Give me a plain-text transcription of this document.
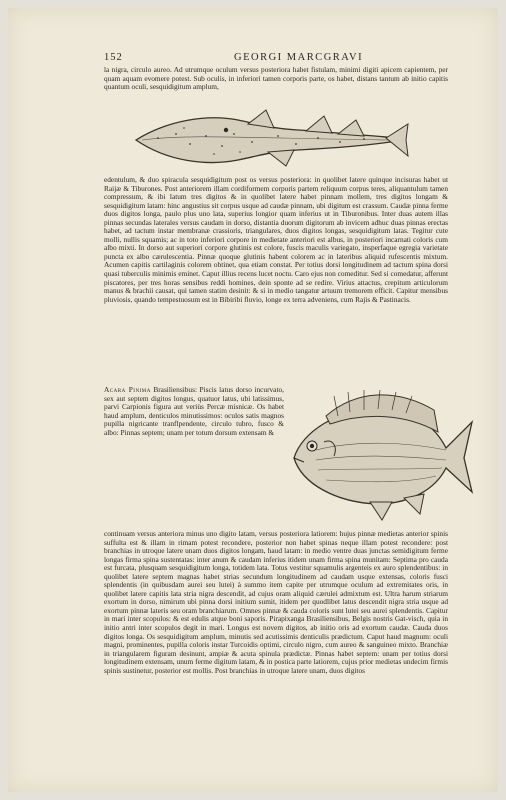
152	GEORGI MARCGRAVI

la nigra, circulo aureo. Ad utrumque oculum versus posteriora habet fistulam, minimi digiti apicem capientem, per quam aquam evomere potest. Sub oculis, in inferiori tamen corporis parte, os habet, distans tantum ab initio capitis quantum oculi, sesquidigitum amplum,

edentulum, & duo spiracula sesquidigitum post os versus posteriora: in quolibet latere quinque incisuras habet ut Raijæ & Tiburones. Post anteriorem illam cordiformem corporis partem reliquum corpus teres, aliquantulum tamen compressum, & ibi latum tres digitos & in quolibet latere habet pinnam mollem, tres digitos longam & sesquidigitum latam: hinc angustius sit corpus usque ad caudæ pinnam, ubi digitum est crassum. Caudæ pinna ferme duos digitos longa, paulo plus uno lata, superius longior quam inferius ut in Tiburonibus. Inter duas autem illas pinnas secundas laterales versus caudam in dorso, distantia duorum digitorum ab invicem adhuc duas pinnas erectas habet, ad tactum instar membranæ crassioris, triangulares, duos digitos longas, sesquidigitum latas. Tegitur cute molli, nullis squamis; ac in toto inferiori corpore in medietate anteriori est albus, in posteriori incarnati coloris cum albo mixti. In dorso aut superiori corpore glutinis est colore, fuscis maculis variegato, insperfaque egregia varietate puncta ex albo cærulescentia. Pinnæ quoque glutinis habent colorem ac in lateribus aliquid rufescentis mixtum. Acumen capitis cartilaginis colorem obtinet, qua etiam constat. Per totius dorsi longitudinem ad tactum spina dorsi quasi tuberculis minimis eminet. Caput illius recens lucet noctu. Caro ejus non comeditur. Sed si comedatur, afferunt piscatores, per tres horas sensibus reddi homines, dein sponte ad se redire. Virius attactus, crepitum articulorum manus & brachii causat, qui tamen statim desinit: & si in medio tangatur artuum tremorem efficit. Capitur mensibus pluviosis, quando tempestuosum est in Bibiribi fluvio, longe ex terra adveniens, cum Rajis & Pastinacis.

Acara Pinima Brasiliensibus: Piscis latus dorso incurvato, sex aut septem digitos longus, quatuor latus, ubi latissimus, parvi Carpionis figura aut veriùs Percæ misnicæ. Os habet haud amplum, denticulos minutissimos: oculos satis magnos pupilla nigricante tranflpendente, circulo tubro, fusco & albo: Pinnas septem; unam per totum dorsum extensam &

continuam versus anteriora minus uno digito latam, versus posteriora latiorem: hujus pinnæ medietas anterior spinis suffulta est & illam in rimam potest recondere, posterior non habet spinas neque illam potest recondere: post branchias in utroque latere unam duos digitos longam, haud latam: in medio ventre duas junctas semidigitum ferme longas firma spina sustentatas: inter anum & caudam inferius itidem unam firma spina munitam: Septima pro cauda est furcata, plusquam sesquidigitum longa, totidem lata. Totus vestitur squamulis argenteis ex auro splendentibus: in quolibet latere septem magnas habet strias secundum longitudinem ad caudam usque extensas, coloris fusci splendentis (in quibusdam aurei seu lutei) à summo item capite per utrumque oculum ad extremitates oris, in quolibet latere capitis lata stria nigra descendit, ad cujus oram aliquid cærulei admixtum est. Ultra harum striarum exortum in dorso, nimirum ubi pinna dorsi initium sumit, itidem per quodlibet latus descendit nigra stria usque ad exortum pinnæ lateris seu oram branchiarum. Omnes pinnæ & cauda coloris sunt lutei seu aurei splendentis. Capitur in mari inter scopulos: & est edulis atque boni saporis. Pirapixanga Brasiliensibus, Belgis nostris Gat-visch, quia in initio antri inter scopulos degit in mari. Longus est novem digitos, ab initio oris ad exortum caudæ. Cauda duos digitos longa. Os sesquidigitum amplum, minutis sed acutissimis denticulis prædictum. Caput haud magnum: oculi magni, prominentes, pupilla coloris instar Turcoidis optimi, circulo nigro, cum aureo & sanguineo mixto. Branchiæ in triangularem figuram desinunt, ampiæ & acuta spinula prædictæ. Pinnas habet septem: unam per totius dorsi longitudinem extensam, unum ferme digitum latam, & in postica parte latiorem, cujus prior medietas undecim firmis spinis sustinetur, posterior est mollis. Post branchias in utroque latere unam, duos digitos
